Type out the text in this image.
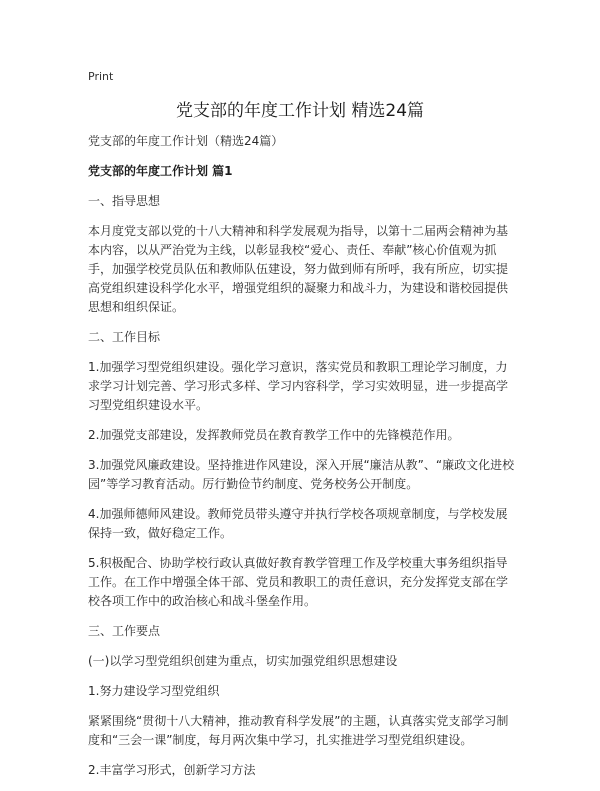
Print
党支部的年度工作计划 精选24篇

党支部的年度工作计划（精选24篇）

党支部的年度工作计划 篇1

一、指导思想

本月度党支部以党的十八大精神和科学发展观为指导，以第十二届两会精神为基本内容，以从严治党为主线，以彰显我校“爱心、责任、奉献”核心价值观为抓手，加强学校党员队伍和教师队伍建设，努力做到师有所呼，我有所应，切实提高党组织建设科学化水平，增强党组织的凝聚力和战斗力，为建设和谐校园提供思想和组织保证。

二、工作目标

1.加强学习型党组织建设。强化学习意识，落实党员和教职工理论学习制度，力求学习计划完善、学习形式多样、学习内容科学，学习实效明显，进一步提高学习型党组织建设水平。

2.加强党支部建设，发挥教师党员在教育教学工作中的先锋模范作用。

3.加强党风廉政建设。坚持推进作风建设，深入开展“廉洁从教”、“廉政文化进校园”等学习教育活动。厉行勤俭节约制度、党务校务公开制度。

4.加强师德师风建设。教师党员带头遵守并执行学校各项规章制度，与学校发展保持一致，做好稳定工作。

5.积极配合、协助学校行政认真做好教育教学管理工作及学校重大事务组织指导工作。在工作中增强全体干部、党员和教职工的责任意识，充分发挥党支部在学校各项工作中的政治核心和战斗堡垒作用。

三、工作要点

(一)以学习型党组织创建为重点，切实加强党组织思想建设

1.努力建设学习型党组织

紧紧围绕“贯彻十八大精神，推动教育科学发展”的主题，认真落实党支部学习制度和“三会一课”制度，每月两次集中学习，扎实推进学习型党组织建设。

2.丰富学习形式，创新学习方法
